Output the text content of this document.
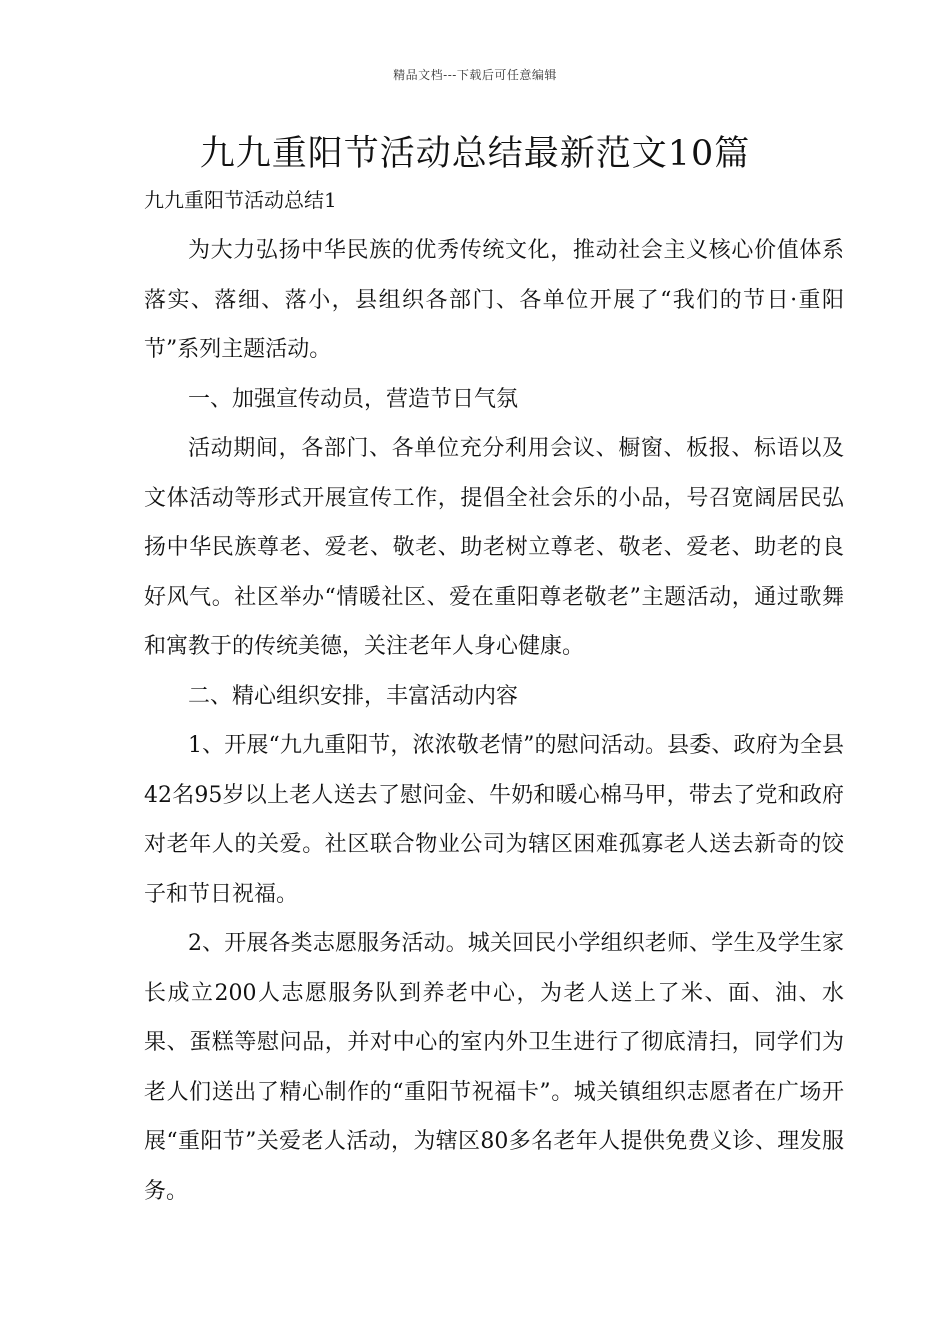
精品文档---下载后可任意编辑
九九重阳节活动总结最新范文10篇
九九重阳节活动总结1

为大力弘扬中华民族的优秀传统文化，推动社会主义核心价值体系落实、落细、落小，县组织各部门、各单位开展了“我们的节日·重阳节”系列主题活动。

一、加强宣传动员，营造节日气氛

活动期间，各部门、各单位充分利用会议、橱窗、板报、标语以及文体活动等形式开展宣传工作，提倡全社会乐的小品，号召宽阔居民弘扬中华民族尊老、爱老、敬老、助老树立尊老、敬老、爱老、助老的良好风气。社区举办“情暖社区、爱在重阳尊老敬老”主题活动，通过歌舞和寓教于的传统美德，关注老年人身心健康。

二、精心组织安排，丰富活动内容

1、开展“九九重阳节，浓浓敬老情”的慰问活动。县委、政府为全县42名95岁以上老人送去了慰问金、牛奶和暖心棉马甲，带去了党和政府对老年人的关爱。社区联合物业公司为辖区困难孤寡老人送去新奇的饺子和节日祝福。

2、开展各类志愿服务活动。城关回民小学组织老师、学生及学生家长成立200人志愿服务队到养老中心，为老人送上了米、面、油、水果、蛋糕等慰问品，并对中心的室内外卫生进行了彻底清扫，同学们为老人们送出了精心制作的“重阳节祝福卡”。城关镇组织志愿者在广场开展“重阳节”关爱老人活动，为辖区80多名老年人提供免费义诊、理发服务。
